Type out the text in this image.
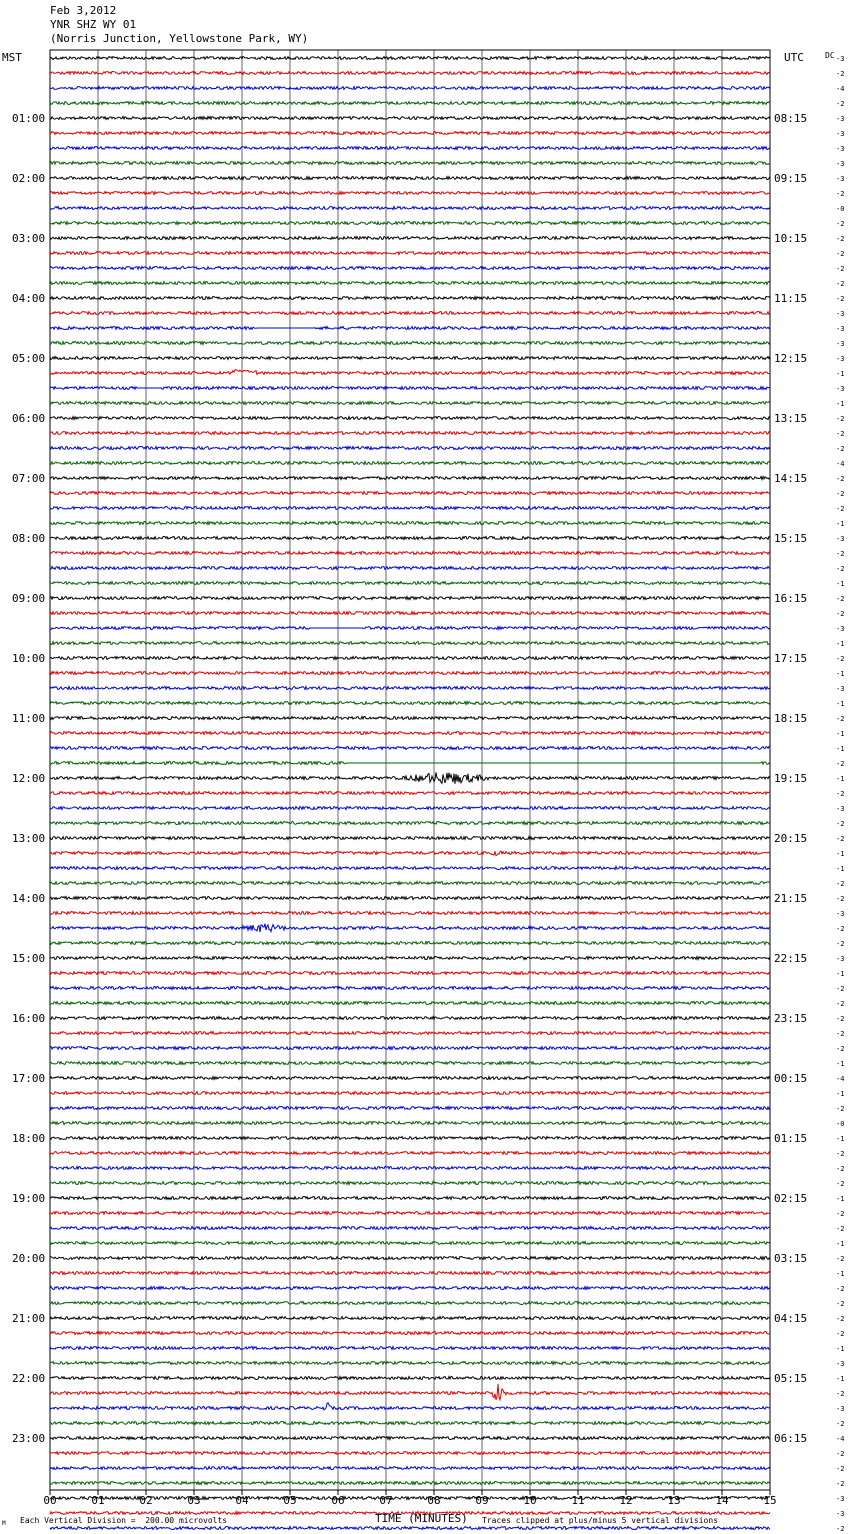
Feb 3,2012
YNR SHZ WY 01
(Norris Junction, Yellowstone Park, WY)
MST	UTC	DC -3
-2
-4
-2
-3
-3
-3
-3
-3
-2
-0
-2
-2
-2
-2
-2
-2
-3
-3
-3
-3
-1
-3
-1
-2
-2
-2
-4
-2
-2
-2
-1
-3
-2
-2
-1
-2
-2
-3
-1
-2
-1
-3
-1
-2
-1
-1
-2
-1
-2
-3
-2
-2
-1
-1
-2
-2
-3
-2
-2
-3
-1
-2
-2
-2
-2
-2
-1
-4
-1
-2
-0
-1
-2
-2
-2
-1
-2
-2
-1
-2
-1
-2
-2
-2
-2
-1
-3
-1
-2
-3
-2
-4
-2
-2
-2
-3
-3
-2
01:00
02:00
03:00
04:00
05:00
06:00
07:00
08:00
09:00
10:00
11:00
12:00
13:00
14:00
15:00
16:00
17:00
18:00
19:00
20:00
21:00
22:00
23:00
08:15
09:15
10:15
11:15
12:15
13:15
14:15
15:15
16:15
17:15
18:15
19:15
20:15
21:15
22:15
23:15
00:15
01:15
02:15
03:15
04:15
05:15
06:15
00	01	02	03	04	05	06	07	08	09	10	11	12	13	14	15
TIME (MINUTES)
Each Vertical Division =  200.00 microvolts	Traces clipped at plus/minus 5 vertical divisions
M
